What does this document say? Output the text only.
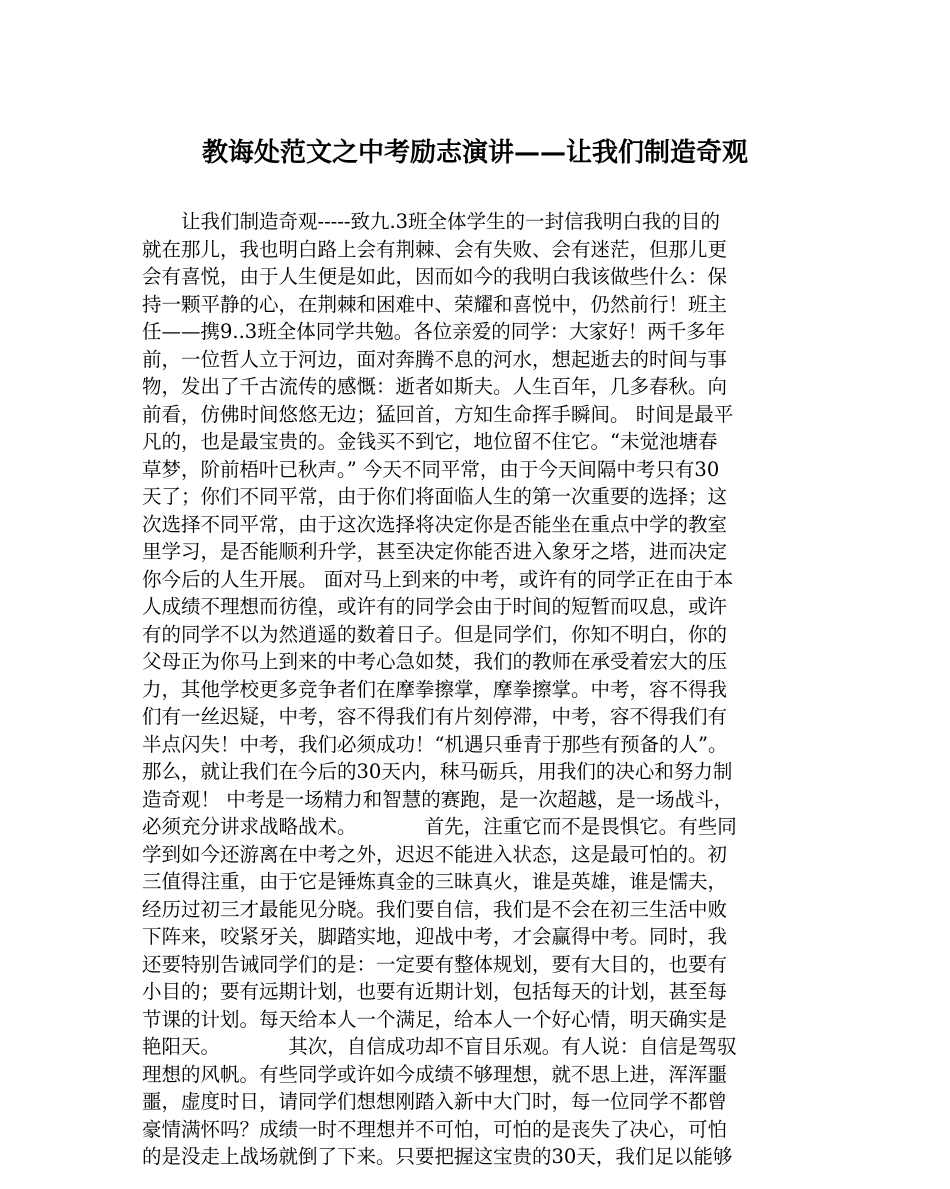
教诲处范文之中考励志演讲——让我们制造奇观
　　让我们制造奇观-----致九.3班全体学生的一封信我明白我的目的
就在那儿，我也明白路上会有荆棘、会有失败、会有迷茫，但那儿更
会有喜悦，由于人生便是如此，因而如今的我明白我该做些什么：保
持一颗平静的心，在荆棘和困难中、荣耀和喜悦中，仍然前行！班主
任——携9..3班全体同学共勉。各位亲爱的同学：大家好！两千多年
前，一位哲人立于河边，面对奔腾不息的河水，想起逝去的时间与事
物，发出了千古流传的感慨：逝者如斯夫。人生百年，几多春秋。向
前看，仿佛时间悠悠无边；猛回首，方知生命挥手瞬间。 时间是最平
凡的，也是最宝贵的。金钱买不到它，地位留不住它。“未觉池塘春
草梦，阶前梧叶已秋声。” 今天不同平常，由于今天间隔中考只有30
天了；你们不同平常，由于你们将面临人生的第一次重要的选择；这
次选择不同平常，由于这次选择将决定你是否能坐在重点中学的教室
里学习，是否能顺利升学，甚至决定你能否进入象牙之塔，进而决定
你今后的人生开展。 面对马上到来的中考，或许有的同学正在由于本
人成绩不理想而彷徨，或许有的同学会由于时间的短暂而叹息，或许
有的同学不以为然逍遥的数着日子。但是同学们，你知不明白，你的
父母正为你马上到来的中考心急如焚，我们的教师在承受着宏大的压
力，其他学校更多竞争者们在摩拳擦掌，摩拳擦掌。中考，容不得我
们有一丝迟疑，中考，容不得我们有片刻停滞，中考，容不得我们有
半点闪失！中考，我们必须成功！“机遇只垂青于那些有预备的人”。
那么，就让我们在今后的30天内，秣马砺兵，用我们的决心和努力制
造奇观！ 中考是一场精力和智慧的赛跑，是一次超越，是一场战斗，
必须充分讲求战略战术。　　　　首先，注重它而不是畏惧它。有些同
学到如今还游离在中考之外，迟迟不能进入状态，这是最可怕的。初
三值得注重，由于它是锤炼真金的三昧真火，谁是英雄，谁是懦夫，
经历过初三才最能见分晓。我们要自信，我们是不会在初三生活中败
下阵来，咬紧牙关，脚踏实地，迎战中考，才会赢得中考。同时，我
还要特别告诫同学们的是：一定要有整体规划，要有大目的，也要有
小目的；要有远期计划，也要有近期计划，包括每天的计划，甚至每
节课的计划。每天给本人一个满足，给本人一个好心情，明天确实是
艳阳天。　　　　其次，自信成功却不盲目乐观。有人说：自信是驾驭
理想的风帆。有些同学或许如今成绩不够理想，就不思上进，浑浑噩
噩，虚度时日，请同学们想想刚踏入新中大门时，每一位同学不都曾
豪情满怀吗？成绩一时不理想并不可怕，可怕的是丧失了决心，可怕
的是没走上战场就倒了下来。只要把握这宝贵的30天，我们足以能够
